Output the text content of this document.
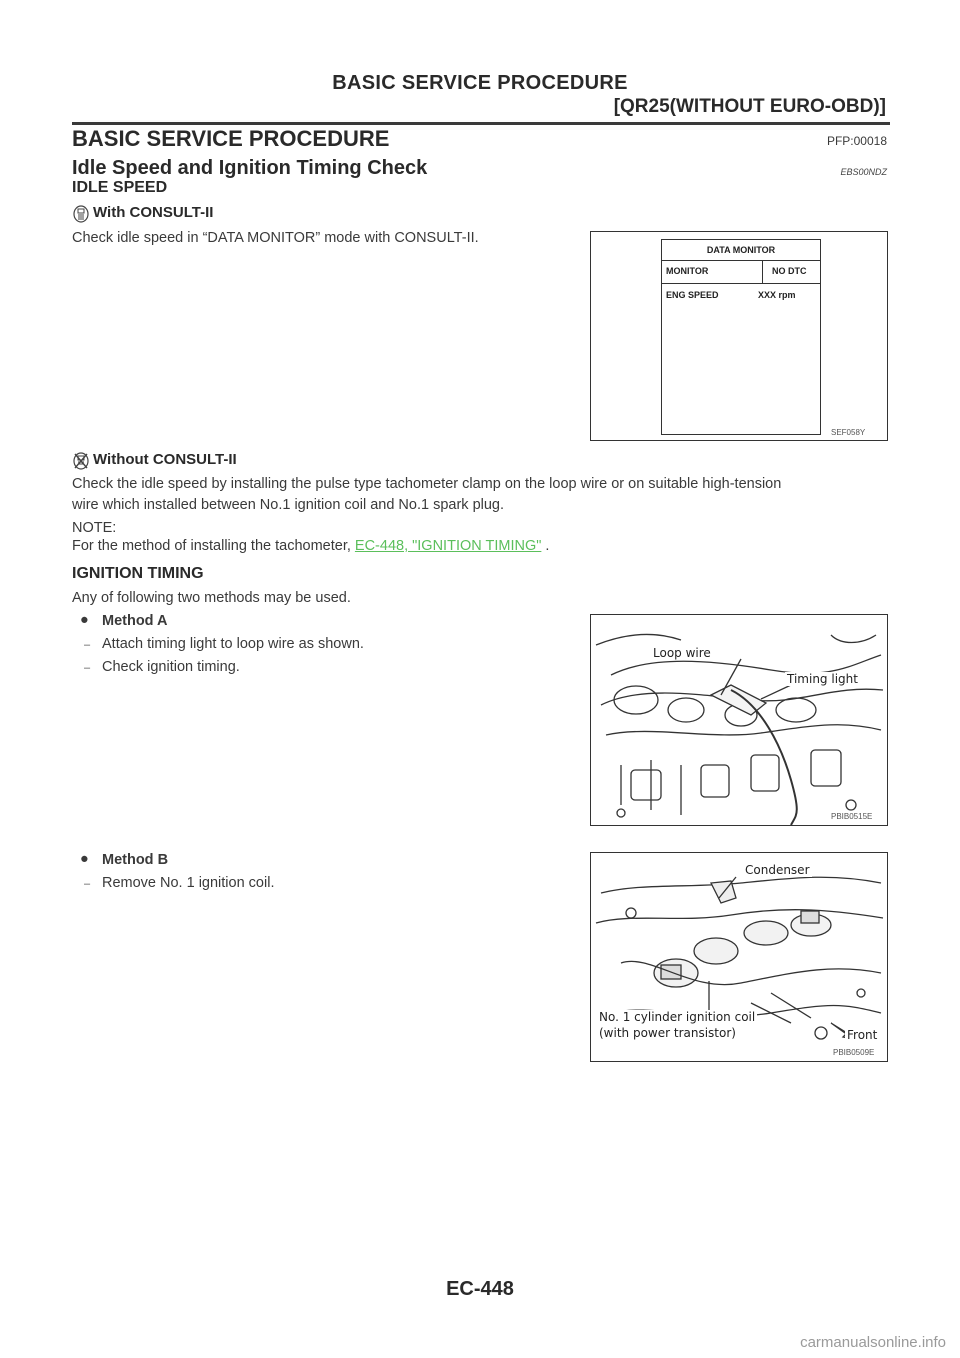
BASIC SERVICE PROCEDURE
[QR25(WITHOUT EURO-OBD)]
BASIC SERVICE PROCEDURE	PFP:00018
Idle Speed and Ignition Timing Check	EBS00NDZ
IDLE SPEED
With CONSULT-II
Check idle speed in “DATA MONITOR” mode with CONSULT-II.
DATA MONITOR
MONITOR	NO DTC
ENG SPEED	XXX rpm
SEF058Y
Without CONSULT-II
Check the idle speed by installing the pulse type tachometer clamp on the loop wire or on suitable high-tension
wire which installed between No.1 ignition coil and No.1 spark plug.
NOTE:
For the method of installing the tachometer, EC-448, "IGNITION TIMING" .
IGNITION TIMING
Any of following two methods may be used.
● Method A
– Attach timing light to loop wire as shown.
– Check ignition timing.
Loop wire
Timing light
PBIB0515E
● Method B
– Remove No. 1 ignition coil.
Condenser
No. 1 cylinder ignition coil
(with power transistor)	Front
PBIB0509E
EC-448
carmanualsonline.info
